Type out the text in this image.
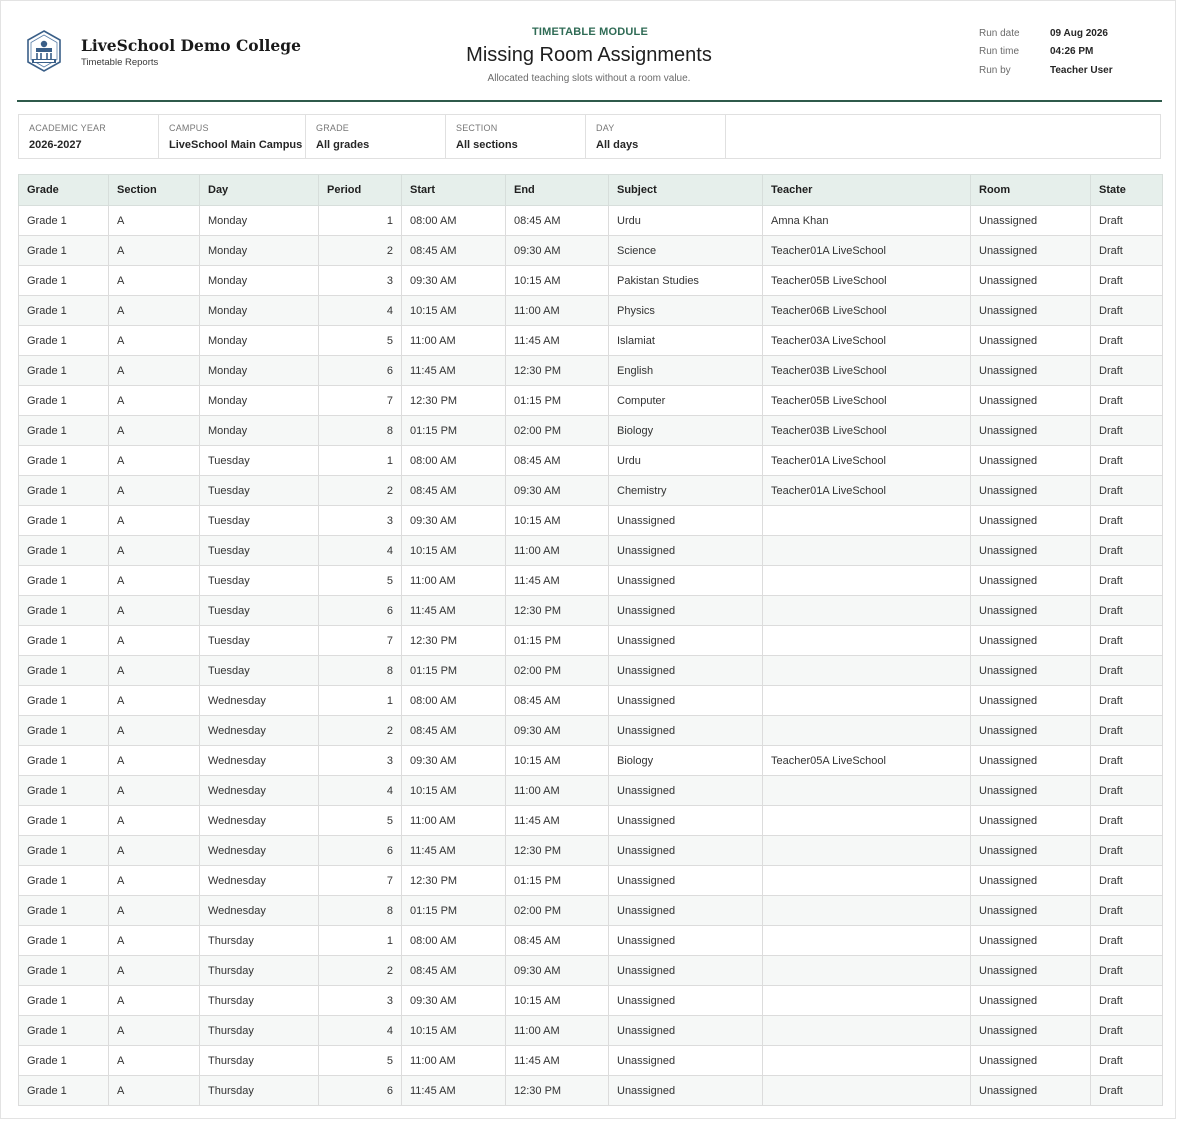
LiveSchool Demo College
Timetable Reports
TIMETABLE MODULE
Missing Room Assignments
Allocated teaching slots without a room value.
Run date	09 Aug 2026
Run time	04:26 PM
Run by	Teacher User
ACADEMIC YEAR
2026-2027
CAMPUS
LiveSchool Main Campus
GRADE
All grades
SECTION
All sections
DAY
All days
Grade	Section	Day	Period	Start	End	Subject	Teacher	Room	State
Grade 1	A	Monday	1	08:00 AM	08:45 AM	Urdu	Amna Khan	Unassigned	Draft
Grade 1	A	Monday	2	08:45 AM	09:30 AM	Science	Teacher01A LiveSchool	Unassigned	Draft
Grade 1	A	Monday	3	09:30 AM	10:15 AM	Pakistan Studies	Teacher05B LiveSchool	Unassigned	Draft
Grade 1	A	Monday	4	10:15 AM	11:00 AM	Physics	Teacher06B LiveSchool	Unassigned	Draft
Grade 1	A	Monday	5	11:00 AM	11:45 AM	Islamiat	Teacher03A LiveSchool	Unassigned	Draft
Grade 1	A	Monday	6	11:45 AM	12:30 PM	English	Teacher03B LiveSchool	Unassigned	Draft
Grade 1	A	Monday	7	12:30 PM	01:15 PM	Computer	Teacher05B LiveSchool	Unassigned	Draft
Grade 1	A	Monday	8	01:15 PM	02:00 PM	Biology	Teacher03B LiveSchool	Unassigned	Draft
Grade 1	A	Tuesday	1	08:00 AM	08:45 AM	Urdu	Teacher01A LiveSchool	Unassigned	Draft
Grade 1	A	Tuesday	2	08:45 AM	09:30 AM	Chemistry	Teacher01A LiveSchool	Unassigned	Draft
Grade 1	A	Tuesday	3	09:30 AM	10:15 AM	Unassigned		Unassigned	Draft
Grade 1	A	Tuesday	4	10:15 AM	11:00 AM	Unassigned		Unassigned	Draft
Grade 1	A	Tuesday	5	11:00 AM	11:45 AM	Unassigned		Unassigned	Draft
Grade 1	A	Tuesday	6	11:45 AM	12:30 PM	Unassigned		Unassigned	Draft
Grade 1	A	Tuesday	7	12:30 PM	01:15 PM	Unassigned		Unassigned	Draft
Grade 1	A	Tuesday	8	01:15 PM	02:00 PM	Unassigned		Unassigned	Draft
Grade 1	A	Wednesday	1	08:00 AM	08:45 AM	Unassigned		Unassigned	Draft
Grade 1	A	Wednesday	2	08:45 AM	09:30 AM	Unassigned		Unassigned	Draft
Grade 1	A	Wednesday	3	09:30 AM	10:15 AM	Biology	Teacher05A LiveSchool	Unassigned	Draft
Grade 1	A	Wednesday	4	10:15 AM	11:00 AM	Unassigned		Unassigned	Draft
Grade 1	A	Wednesday	5	11:00 AM	11:45 AM	Unassigned		Unassigned	Draft
Grade 1	A	Wednesday	6	11:45 AM	12:30 PM	Unassigned		Unassigned	Draft
Grade 1	A	Wednesday	7	12:30 PM	01:15 PM	Unassigned		Unassigned	Draft
Grade 1	A	Wednesday	8	01:15 PM	02:00 PM	Unassigned		Unassigned	Draft
Grade 1	A	Thursday	1	08:00 AM	08:45 AM	Unassigned		Unassigned	Draft
Grade 1	A	Thursday	2	08:45 AM	09:30 AM	Unassigned		Unassigned	Draft
Grade 1	A	Thursday	3	09:30 AM	10:15 AM	Unassigned		Unassigned	Draft
Grade 1	A	Thursday	4	10:15 AM	11:00 AM	Unassigned		Unassigned	Draft
Grade 1	A	Thursday	5	11:00 AM	11:45 AM	Unassigned		Unassigned	Draft
Grade 1	A	Thursday	6	11:45 AM	12:30 PM	Unassigned		Unassigned	Draft
